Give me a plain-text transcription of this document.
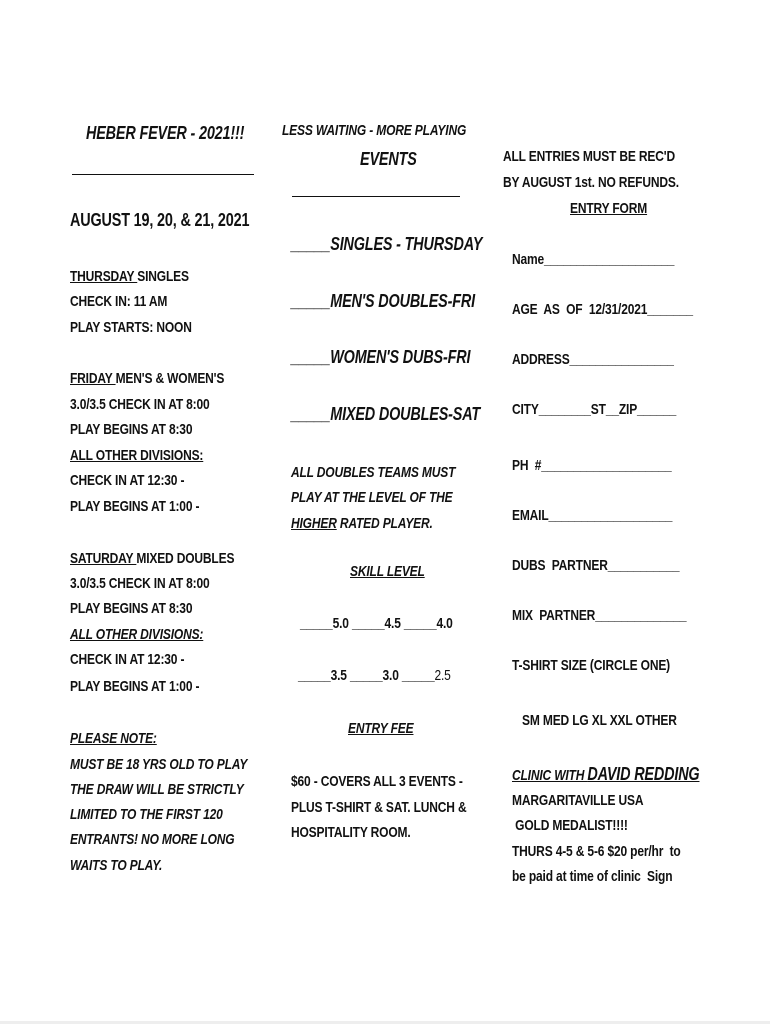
HEBER FEVER - 2021!!!
AUGUST 19, 20, & 21, 2021
THURSDAY SINGLES
CHECK IN: 11 AM
PLAY STARTS: NOON
FRIDAY MEN'S & WOMEN'S
3.0/3.5 CHECK IN AT 8:00
PLAY BEGINS AT 8:30
ALL OTHER DIVISIONS:
CHECK IN AT 12:30 -
PLAY BEGINS AT 1:00 -
SATURDAY MIXED DOUBLES
3.0/3.5 CHECK IN AT 8:00
PLAY BEGINS AT 8:30
ALL OTHER DIVISIONS:
CHECK IN AT 12:30 -
PLAY BEGINS AT 1:00 -
PLEASE NOTE:
MUST BE 18 YRS OLD TO PLAY
THE DRAW WILL BE STRICTLY
LIMITED TO THE FIRST 120
ENTRANTS! NO MORE LONG
WAITS TO PLAY.
LESS WAITING - MORE PLAYING
EVENTS
_____SINGLES - THURSDAY
_____MEN'S DOUBLES-FRI
_____WOMEN'S DUBS-FRI
_____MIXED DOUBLES-SAT
ALL DOUBLES TEAMS MUST
PLAY AT THE LEVEL OF THE
HIGHER RATED PLAYER.
SKILL LEVEL
_____5.0 _____4.5 _____4.0
_____3.5 _____3.0 _____2.5
ENTRY FEE
$60 - COVERS ALL 3 EVENTS -
PLUS T-SHIRT & SAT. LUNCH &
HOSPITALITY ROOM.
ALL ENTRIES MUST BE REC'D
BY AUGUST 1st. NO REFUNDS.
ENTRY FORM
Name____________________
AGE  AS  OF  12/31/2021_______
ADDRESS________________
CITY________ST__ZIP______
PH  #____________________
EMAIL___________________
DUBS  PARTNER___________
MIX  PARTNER______________
T-SHIRT SIZE (CIRCLE ONE)
SM MED LG XL XXL OTHER
CLINIC WITH DAVID REDDING
MARGARITAVILLE USA
GOLD MEDALIST!!!!
THURS 4-5 & 5-6 $20 per/hr  to
be paid at time of clinic  Sign
